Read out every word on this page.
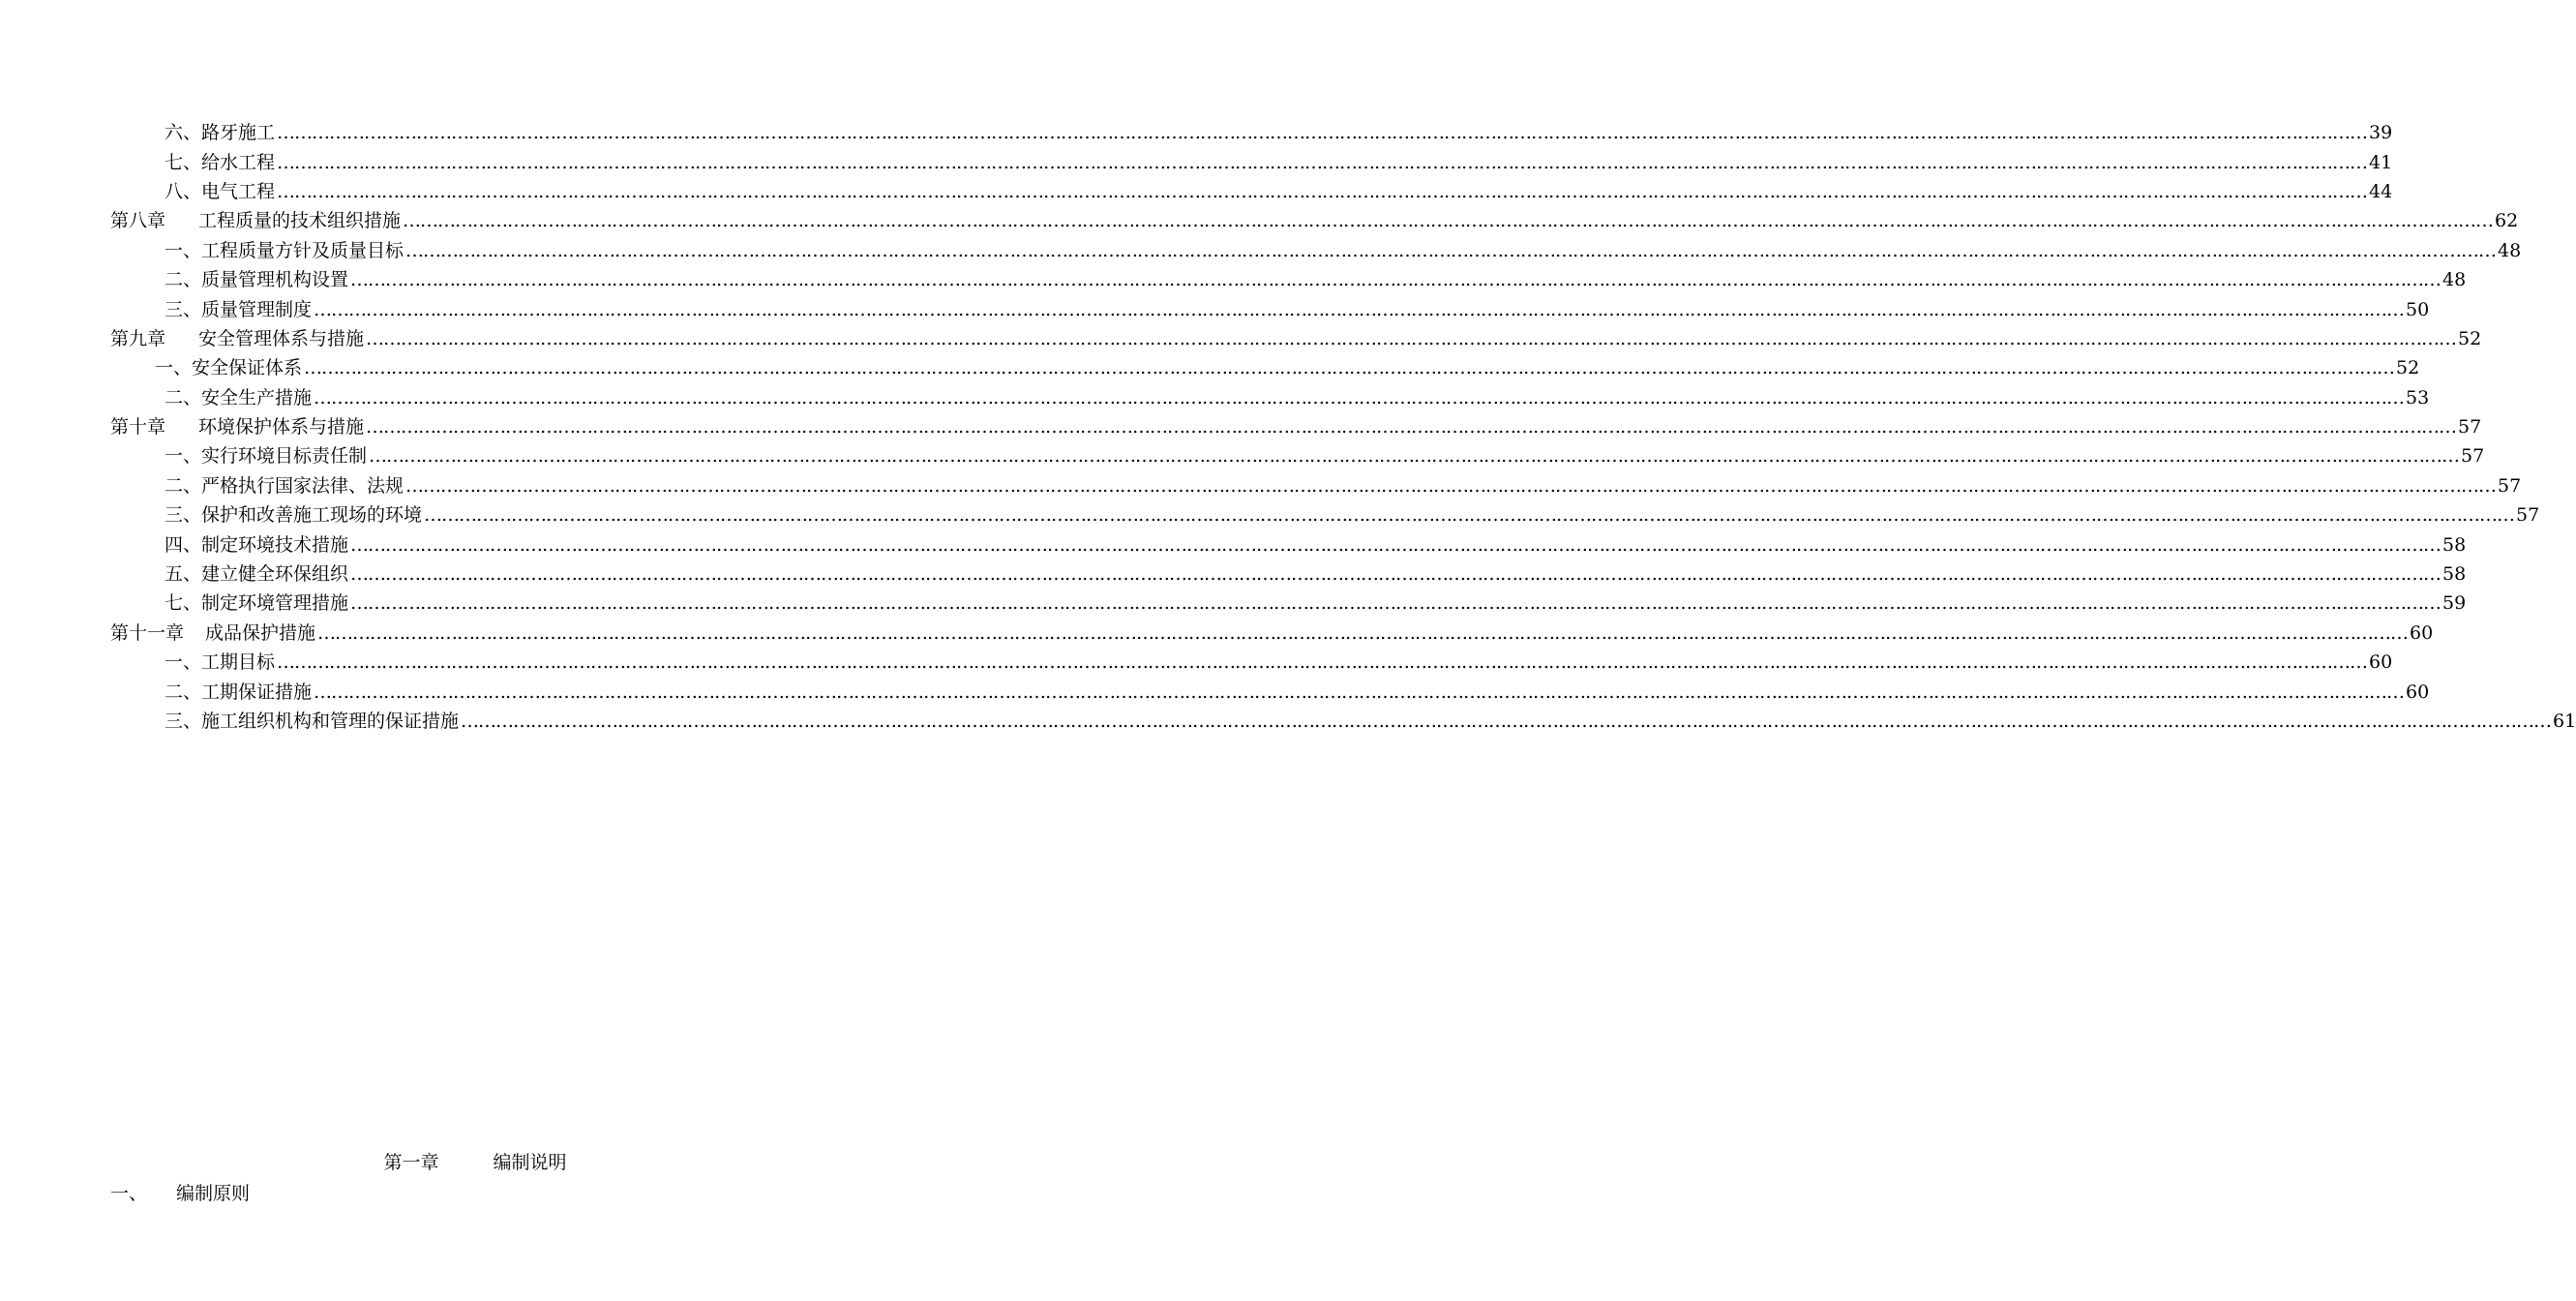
六、路牙施工 ……………………………………………………………………………………………………………………………………………………………………………………………………………………………………………………………………………………………………………………………… 39
七、给水工程 ……………………………………………………………………………………………………………………………………………………………………………………………………………………………………………………………………………………………………………………………… 41
八、电气工程 ……………………………………………………………………………………………………………………………………………………………………………………………………………………………………………………………………………………………………………………………… 44
第八章 工程质量的技术组织措施 ……………………………………………………………………………………………………………………………………………………………………………………………………………………………………………………………………………………………………………………………… 62
一、工程质量方针及质量目标 ……………………………………………………………………………………………………………………………………………………………………………………………………………………………………………………………………………………………………………………………… 48
二、质量管理机构设置 ……………………………………………………………………………………………………………………………………………………………………………………………………………………………………………………………………………………………………………………………… 48
三、质量管理制度 ……………………………………………………………………………………………………………………………………………………………………………………………………………………………………………………………………………………………………………………………… 50
第九章 安全管理体系与措施 ……………………………………………………………………………………………………………………………………………………………………………………………………………………………………………………………………………………………………………………………… 52
一、安全保证体系 ……………………………………………………………………………………………………………………………………………………………………………………………………………………………………………………………………………………………………………………………… 52
二、安全生产措施 ……………………………………………………………………………………………………………………………………………………………………………………………………………………………………………………………………………………………………………………………… 53
第十章 环境保护体系与措施 ……………………………………………………………………………………………………………………………………………………………………………………………………………………………………………………………………………………………………………………………… 57
一、实行环境目标责任制 ……………………………………………………………………………………………………………………………………………………………………………………………………………………………………………………………………………………………………………………………… 57
二、严格执行国家法律、法规 ……………………………………………………………………………………………………………………………………………………………………………………………………………………………………………………………………………………………………………………………… 57
三、保护和改善施工现场的环境 ……………………………………………………………………………………………………………………………………………………………………………………………………………………………………………………………………………………………………………………………… 57
四、制定环境技术措施 ……………………………………………………………………………………………………………………………………………………………………………………………………………………………………………………………………………………………………………………………… 58
五、建立健全环保组织 ……………………………………………………………………………………………………………………………………………………………………………………………………………………………………………………………………………………………………………………………… 58
七、制定环境管理措施 ……………………………………………………………………………………………………………………………………………………………………………………………………………………………………………………………………………………………………………………………… 59
第十一章 成品保护措施 ……………………………………………………………………………………………………………………………………………………………………………………………………………………………………………………………………………………………………………………………… 60
一、工期目标 ……………………………………………………………………………………………………………………………………………………………………………………………………………………………………………………………………………………………………………………………… 60
二、工期保证措施 ……………………………………………………………………………………………………………………………………………………………………………………………………………………………………………………………………………………………………………………………… 60
三、施工组织机构和管理的保证措施 ……………………………………………………………………………………………………………………………………………………………………………………………………………………………………………………………………………………………………………………………… 61
第一章	编制说明
一、 编制原则
